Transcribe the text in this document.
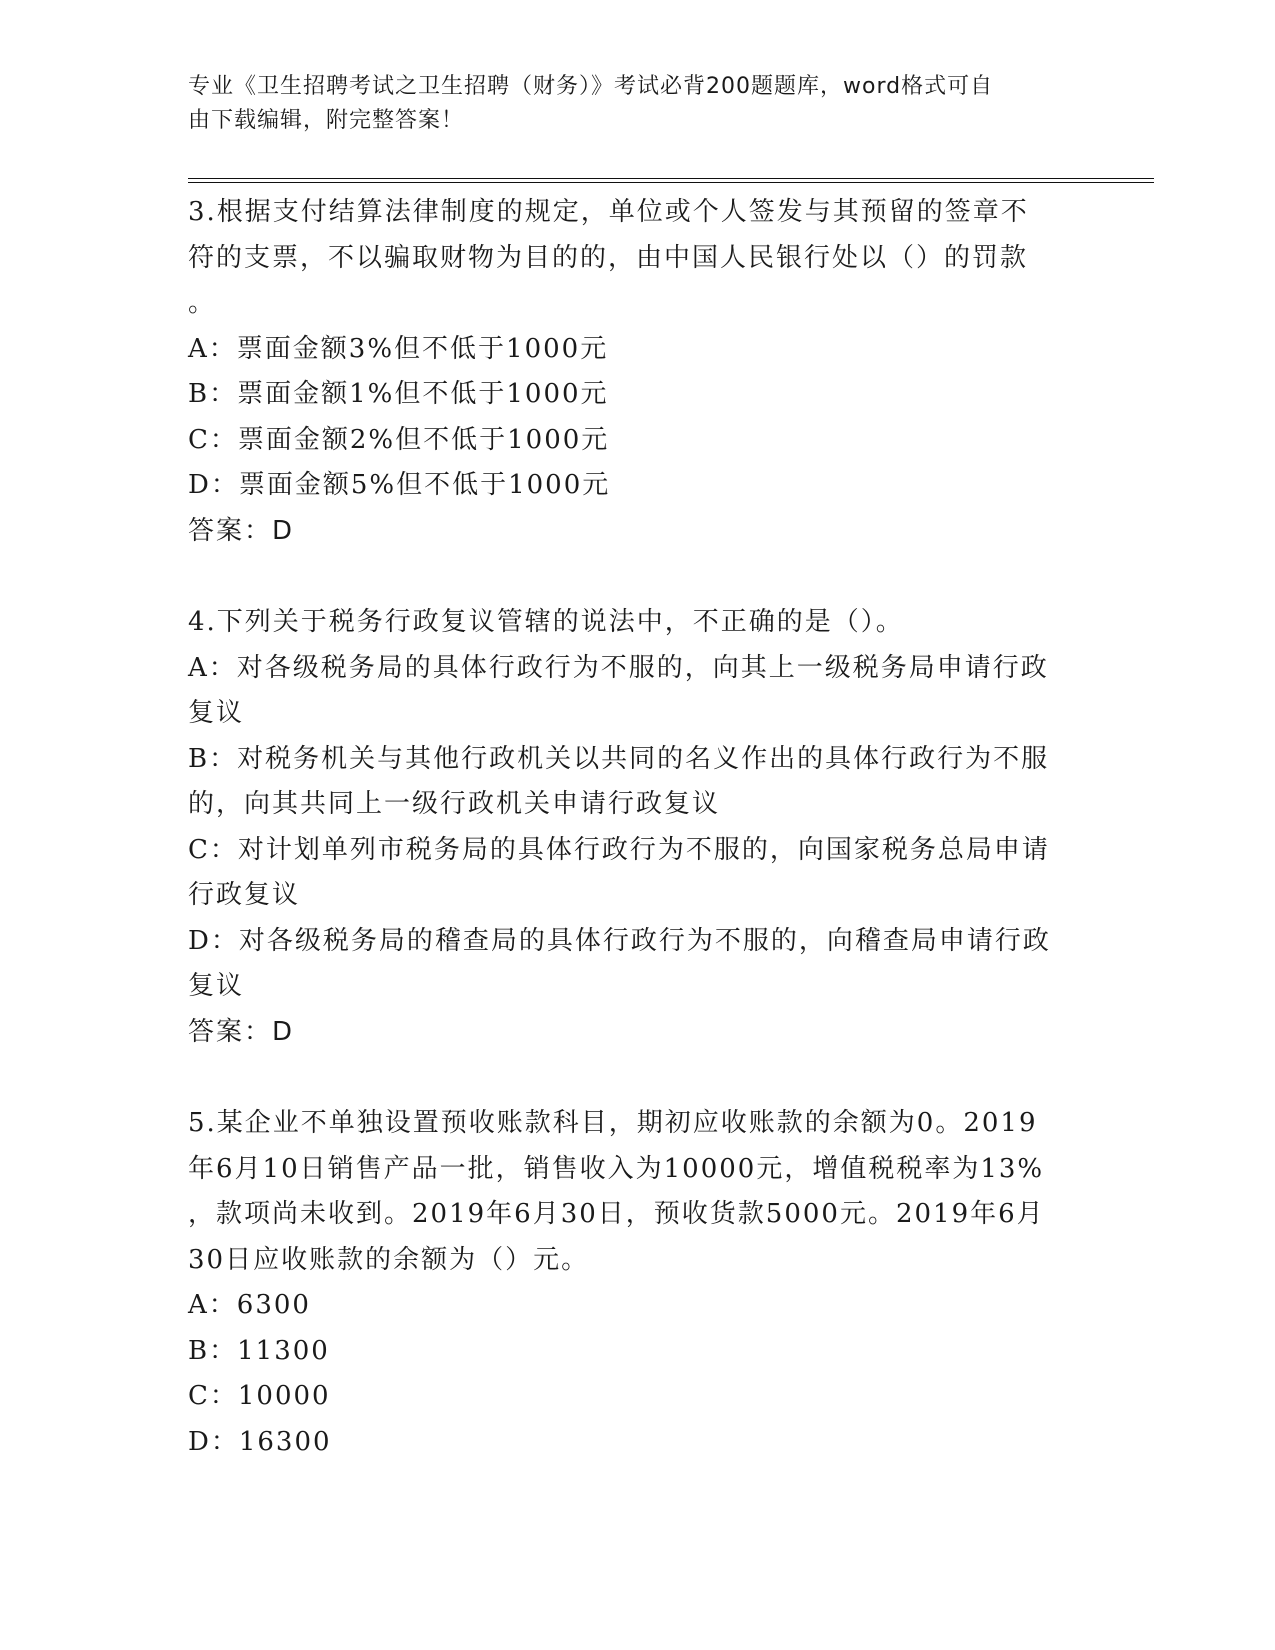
专业《卫生招聘考试之卫生招聘（财务）》考试必背200题题库，word格式可自
由下载编辑，附完整答案！
3.根据支付结算法律制度的规定，单位或个人签发与其预留的签章不
符的支票，不以骗取财物为目的的，由中国人民银行处以（）的罚款
。
A：票面金额3%但不低于1000元
B：票面金额1%但不低于1000元
C：票面金额2%但不低于1000元
D：票面金额5%但不低于1000元
答案：D
4.下列关于税务行政复议管辖的说法中，不正确的是（）。
A：对各级税务局的具体行政行为不服的，向其上一级税务局申请行政
复议
B：对税务机关与其他行政机关以共同的名义作出的具体行政行为不服
的，向其共同上一级行政机关申请行政复议
C：对计划单列市税务局的具体行政行为不服的，向国家税务总局申请
行政复议
D：对各级税务局的稽查局的具体行政行为不服的，向稽查局申请行政
复议
答案：D
5.某企业不单独设置预收账款科目，期初应收账款的余额为0。2019
年6月10日销售产品一批，销售收入为10000元，增值税税率为13%
，款项尚未收到。2019年6月30日，预收货款5000元。2019年6月
30日应收账款的余额为（）元。
A：6300
B：11300
C：10000
D：16300
